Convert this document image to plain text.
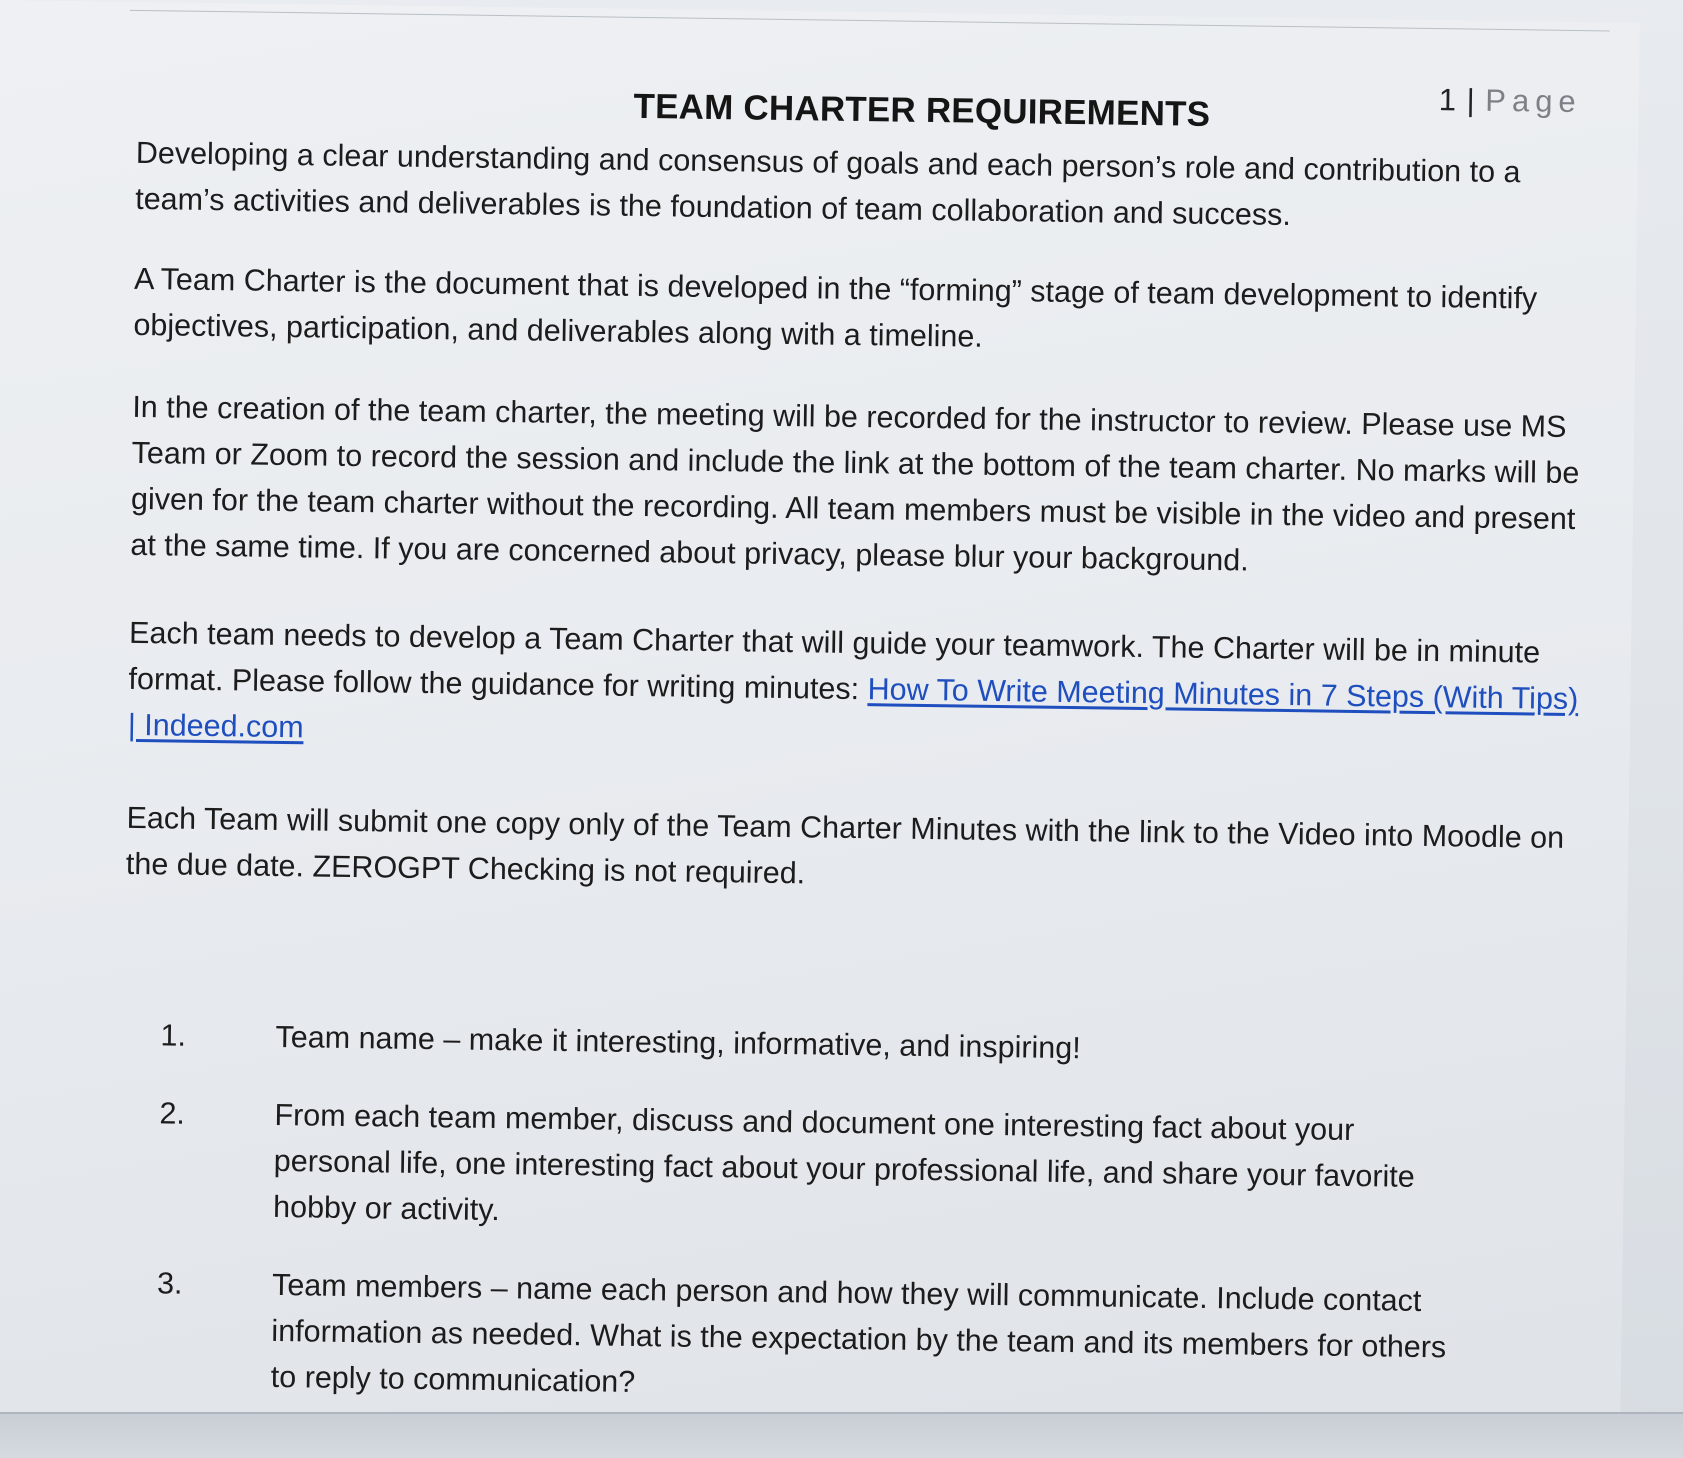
1 | Page
TEAM CHARTER REQUIREMENTS
Developing a clear understanding and consensus of goals and each person’s role and contribution to a team’s activities and deliverables is the foundation of team collaboration and success.
A Team Charter is the document that is developed in the “forming” stage of team development to identify objectives, participation, and deliverables along with a timeline.
In the creation of the team charter, the meeting will be recorded for the instructor to review. Please use MS Team or Zoom to record the session and include the link at the bottom of the team charter. No marks will be given for the team charter without the recording. All team members must be visible in the video and present at the same time. If you are concerned about privacy, please blur your background.
Each team needs to develop a Team Charter that will guide your teamwork. The Charter will be in minute format. Please follow the guidance for writing minutes: How To Write Meeting Minutes in 7 Steps (With Tips) | Indeed.com
Each Team will submit one copy only of the Team Charter Minutes with the link to the Video into Moodle on the due date. ZEROGPT Checking is not required.
1.	Team name – make it interesting, informative, and inspiring!
2.	From each team member, discuss and document one interesting fact about your personal life, one interesting fact about your professional life, and share your favorite hobby or activity.
3.	Team members – name each person and how they will communicate. Include contact information as needed. What is the expectation by the team and its members for others to reply to communication?
